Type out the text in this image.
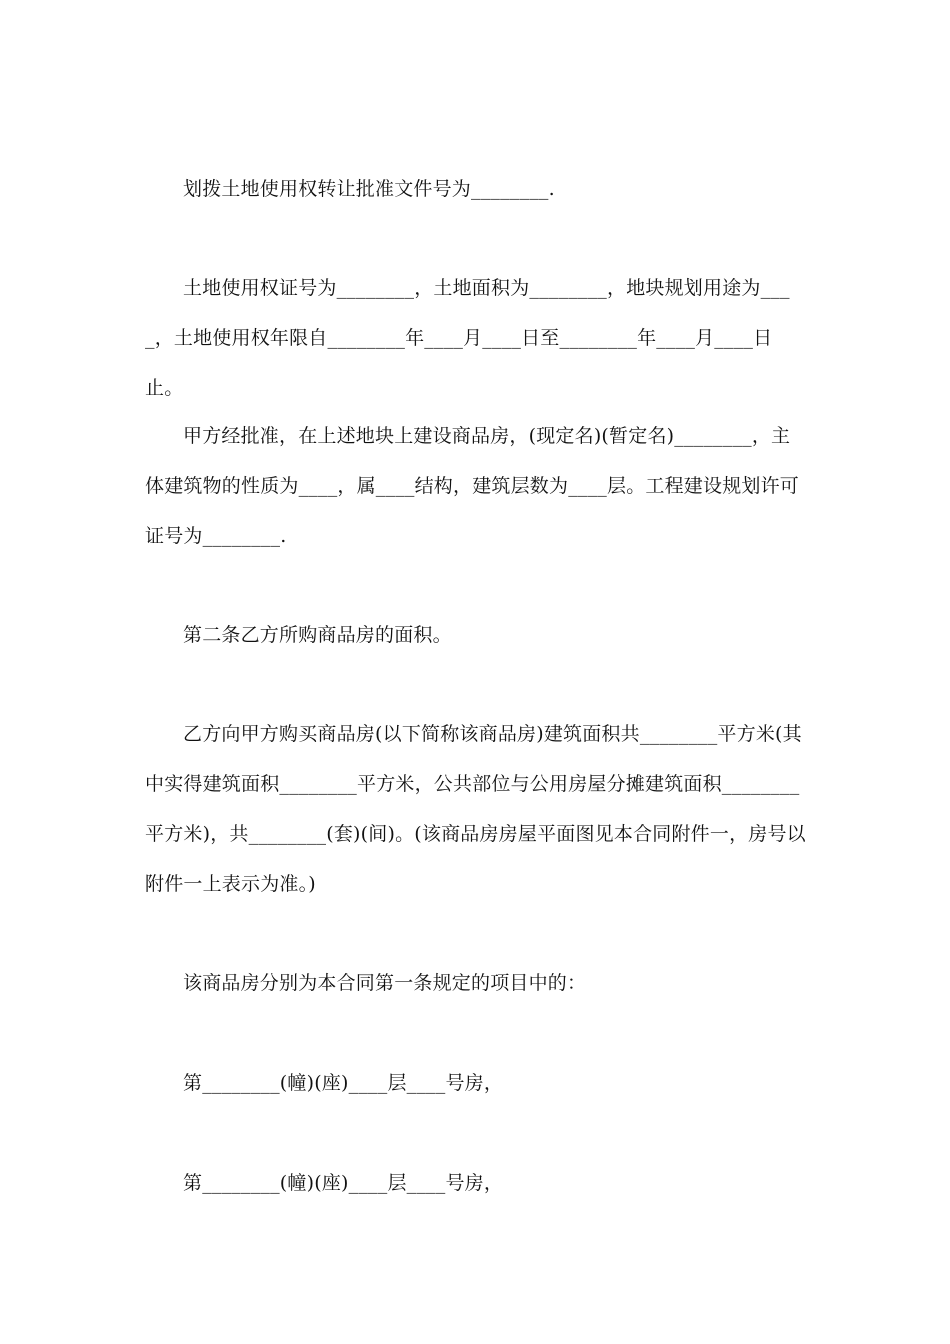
划拨土地使用权转让批准文件号为________.

土地使用权证号为________，土地面积为________，地块规划用途为____，土地使用权年限自________年____月____日至________年____月____日止。

甲方经批准，在上述地块上建设商品房，(现定名)(暂定名)________，主体建筑物的性质为____，属____结构，建筑层数为____层。工程建设规划许可证号为________.

第二条乙方所购商品房的面积。

乙方向甲方购买商品房(以下简称该商品房)建筑面积共________平方米(其中实得建筑面积________平方米，公共部位与公用房屋分摊建筑面积________平方米)，共________(套)(间)。(该商品房房屋平面图见本合同附件一，房号以附件一上表示为准。)

该商品房分别为本合同第一条规定的项目中的：

第________(幢)(座)____层____号房，

第________(幢)(座)____层____号房，
